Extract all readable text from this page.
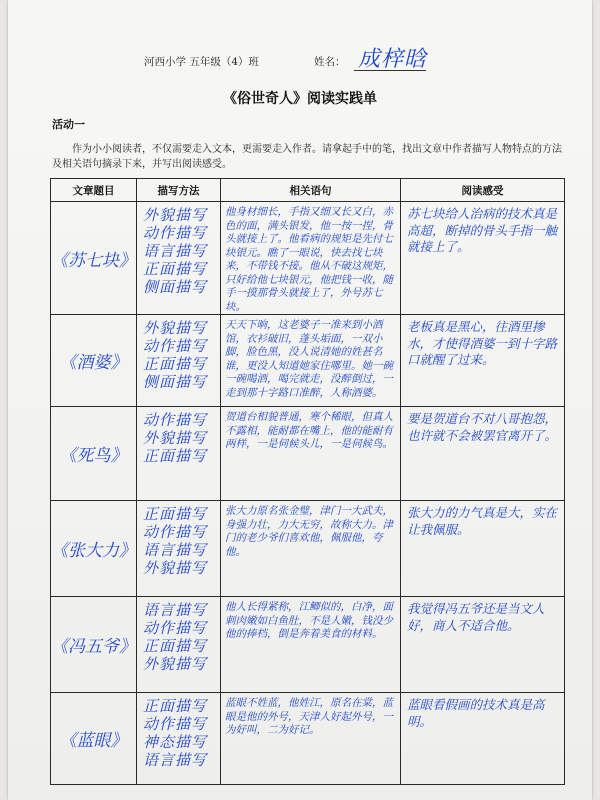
河西小学 五年级（4）班	姓名： 成梓晗
《俗世奇人》阅读实践单
活动一
作为小小阅读者，不仅需要走入文本，更需要走入作者。请拿起手中的笔，找出文章中作者描写人物特点的方法及相关语句摘录下来，并写出阅读感受。
文章题目	描写方法	相关语句	阅读感受
《苏七块》	外貌描写
动作描写
语言描写
正面描写
侧面描写	他身材细长，手指又细又长又白，赤色的面，满头银发，他一按一捏，骨头就接上了。他看病的规矩是先付七块银元。瞧了一眼说，快去找七块来，不带钱不接。他从不破这规矩，只好给他七块银元，他把钱一收，随手一摸那骨头就接上了，外号苏七块。	苏七块给人治病的技术真是高超，断掉的骨头手指一触就接上了。
《酒婆》	外貌描写
动作描写
正面描写
侧面描写	天天下晌，这老婆子一准来到小酒馆，衣衫破旧，蓬头垢面，一双小脚，脸色黑，没人说清她的姓甚名谁，更没人知道她家住哪里。她一碗一碗喝酒，喝完就走，没醉倒过，一走到那十字路口准醉，人称酒婆。	老板真是黑心，往酒里掺水，才使得酒婆一到十字路口就醒了过来。
《死鸟》	动作描写
外貌描写
正面描写	贺道台相貌普通，寒个稀眼，但真人不露相，能耐都在嘴上，他的能耐有两样，一是伺候头儿，一是伺候鸟。	要是贺道台不对八哥抱怨，也许就不会被罢官离开了。
《张大力》	正面描写
动作描写
语言描写
外貌描写	张大力原名张金璧，津门一大武夫，身强力壮，力大无穷，故称大力。津门的老少爷们喜欢他，佩服他，夸他。	张大力的力气真是大，实在让我佩服。
《冯五爷》	语言描写
动作描写
正面描写
外貌描写	他人长得紧称，江鲫似的，白净，面刺肉嫩如白鱼肚，不是人嫩，钱没少他的捧档，倒是奔着美食的材料。	我觉得冯五爷还是当文人好，商人不适合他。
《蓝眼》	正面描写
动作描写
神态描写
语言描写	蓝眼不姓蓝，他姓江，原名在棠，蓝眼是他的外号，天津人好起外号，一为好叫，二为好记。	蓝眼看假画的技术真是高明。
